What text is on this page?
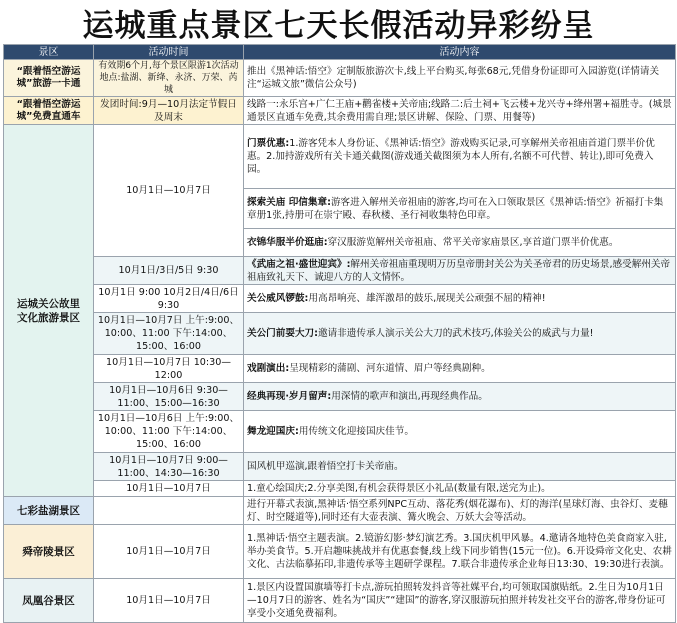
运城重点景区七天长假活动异彩纷呈
景区	活动时间	活动内容
“跟着悟空游运城”旅游一卡通	有效期6个月,每个景区限游1次活动地点:盐湖、新绛、永济、万荣、芮城	推出《黑神话:悟空》定制版旅游次卡,线上平台购买,每张68元,凭借身份证即可入园游览(详情请关注“运城文旅”微信公众号)
“跟着悟空游运城”免费直通车	发团时间:9月—10月法定节假日及周末	线路一:永乐宫+广仁王庙+鹳雀楼+关帝庙;线路二:后土祠+飞云楼+龙兴寺+绛州署+福胜寺。(城景通景区直通车免费,其余费用需自理;景区讲解、保险、门票、用餐等)
运城关公故里文化旅游景区	10月1日—10月7日	门票优惠:1.游客凭本人身份证、《黑神话:悟空》游戏购买记录,可享解州关帝祖庙首道门票半价优惠。2.加持游戏所有关卡通关截图(游戏通关截图须为本人所有,名额不可代替、转让),即可免费入园。
		探索关庙 印信集章:游客进入解州关帝祖庙的游客,均可在入口领取景区《黑神话:悟空》祈福打卡集章册1张,持册可在崇宁殿、春秋楼、圣行祠收集特色印章。
		衣锦华服半价逛庙:穿汉服游览解州关帝祖庙、常平关帝家庙景区,享首道门票半价优惠。
	10月1日/3日/5日 9:30	《武庙之祖·盛世迎宾》:解州关帝祖庙重现明万历皇帝册封关公为关圣帝君的历史场景,感受解州关帝祖庙致礼天下、诚迎八方的人文情怀。
	10月1日 9:00 10月2日/4日/6日 9:30	关公威风锣鼓:用高昂响亮、雄浑激昂的鼓乐,展现关公顽强不屈的精神!
	10月1日—10月7日 上午:9:00、10:00、11:00 下午:14:00、15:00、16:00	关公门前耍大刀:邀请非遗传承人演示关公大刀的武术技巧,体验关公的威武与力量!
	10月1日—10月7日 10:30—12:00	戏剧演出:呈现精彩的蒲剧、河东道情、眉户等经典剧种。
	10月1日—10月6日 9:30—11:00、15:00—16:30	经典再现·岁月留声:用深情的歌声和演出,再现经典作品。
	10月1日—10月6日 上午:9:00、10:00、11:00 下午:14:00、15:00、16:00	舞龙迎国庆:用传统文化迎接国庆佳节。
	10月1日—10月7日 9:00—11:00、14:30—16:30	国风机甲巡演,跟着悟空打卡关帝庙。
	10月1日—10月7日	1.童心绘国庆;2.分享美图,有机会获得景区小礼品(数量有限,送完为止)。
七彩盐湖景区		进行开幕式表演,黑神话·悟空系列NPC互动、落花秀(烟花瀑布)、灯的海洋(星球灯海、虫谷灯、麦穗灯、时空隧道等),同时还有大壶表演、篝火晚会、万妖大会等活动。
舜帝陵景区	10月1日—10月7日	1.黑神话·悟空主题表演。2.镜游幻影·梦幻演艺秀。3.国庆机甲风暴。4.邀请各地特色美食商家入驻,举办美食节。5.开启趣味挑战并有优惠套餐,线上线下同步销售(15元一位)。6.开设舜帝文化史、农耕文化、古法临摹拓印,非遗传承等主题研学课程。7.联合非遗传承企业每日13:30、19:30进行表演。
凤凰谷景区	10月1日—10月7日	1.景区内设置国旗墙等打卡点,游玩拍照转发抖音等社媒平台,均可领取国旗贴纸。2.生日为10月1日—10月7日的游客、姓名为“国庆”“建国”的游客,穿汉服游玩拍照并转发社交平台的游客,带身份证可享受小交通免费福利。
